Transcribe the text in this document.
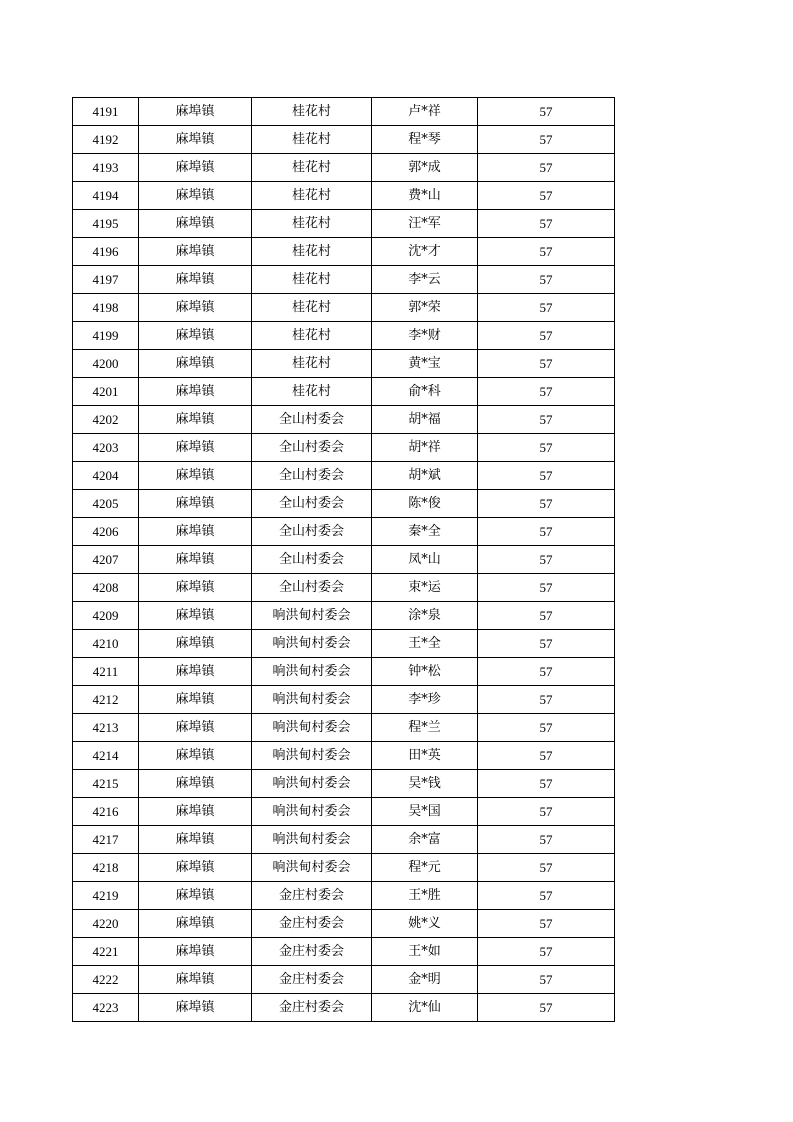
4191	麻埠镇	桂花村	卢*祥	57
4192	麻埠镇	桂花村	程*琴	57
4193	麻埠镇	桂花村	郭*成	57
4194	麻埠镇	桂花村	费*山	57
4195	麻埠镇	桂花村	汪*军	57
4196	麻埠镇	桂花村	沈*才	57
4197	麻埠镇	桂花村	李*云	57
4198	麻埠镇	桂花村	郭*荣	57
4199	麻埠镇	桂花村	李*财	57
4200	麻埠镇	桂花村	黄*宝	57
4201	麻埠镇	桂花村	俞*科	57
4202	麻埠镇	全山村委会	胡*福	57
4203	麻埠镇	全山村委会	胡*祥	57
4204	麻埠镇	全山村委会	胡*斌	57
4205	麻埠镇	全山村委会	陈*俊	57
4206	麻埠镇	全山村委会	秦*全	57
4207	麻埠镇	全山村委会	凤*山	57
4208	麻埠镇	全山村委会	束*运	57
4209	麻埠镇	响洪甸村委会	涂*泉	57
4210	麻埠镇	响洪甸村委会	王*全	57
4211	麻埠镇	响洪甸村委会	钟*松	57
4212	麻埠镇	响洪甸村委会	李*珍	57
4213	麻埠镇	响洪甸村委会	程*兰	57
4214	麻埠镇	响洪甸村委会	田*英	57
4215	麻埠镇	响洪甸村委会	吴*钱	57
4216	麻埠镇	响洪甸村委会	吴*国	57
4217	麻埠镇	响洪甸村委会	余*富	57
4218	麻埠镇	响洪甸村委会	程*元	57
4219	麻埠镇	金庄村委会	王*胜	57
4220	麻埠镇	金庄村委会	姚*义	57
4221	麻埠镇	金庄村委会	王*如	57
4222	麻埠镇	金庄村委会	金*明	57
4223	麻埠镇	金庄村委会	沈*仙	57
